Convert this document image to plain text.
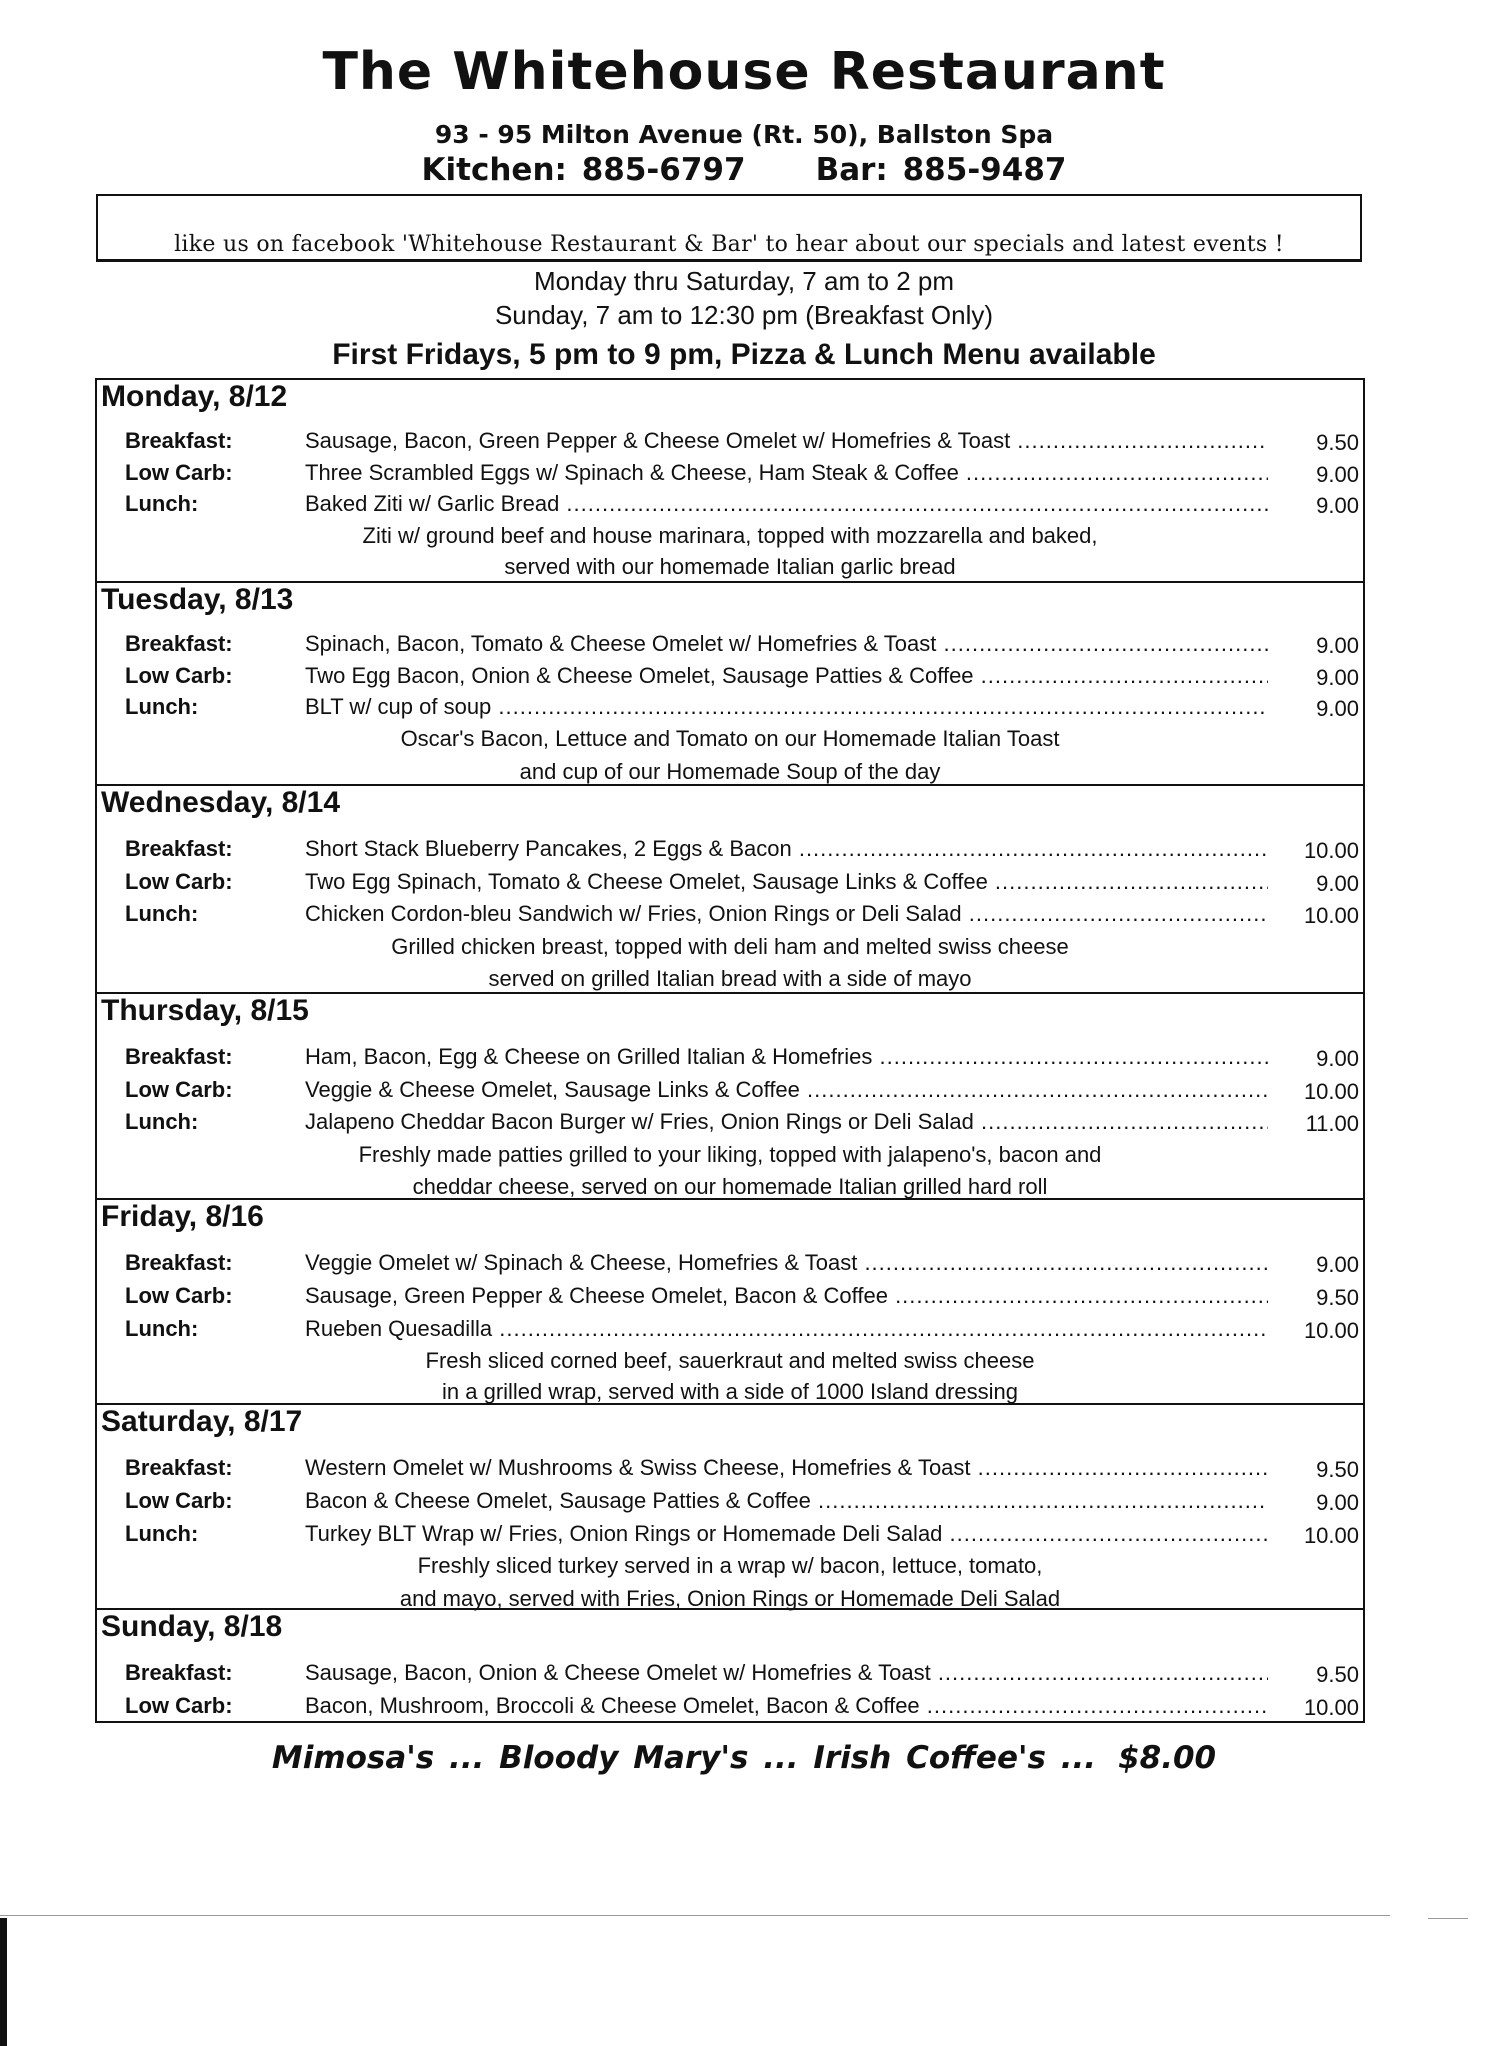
The Whitehouse Restaurant
93 - 95 Milton Avenue (Rt. 50), Ballston Spa
Kitchen: 885-6797 Bar: 885-9487
like us on facebook 'Whitehouse Restaurant & Bar' to hear about our specials and latest events !
Monday thru Saturday, 7 am to 2 pm
Sunday, 7 am to 12:30 pm (Breakfast Only)
First Fridays, 5 pm to 9 pm, Pizza & Lunch Menu available
Monday, 8/12
Breakfast:	Sausage, Bacon, Green Pepper & Cheese Omelet w/ Homefries & Toast .....	9.50
Low Carb:	Three Scrambled Eggs w/ Spinach & Cheese, Ham Steak & Coffee .....	9.00
Lunch:	Baked Ziti w/ Garlic Bread .....	9.00
Ziti w/ ground beef and house marinara, topped with mozzarella and baked,
served with our homemade Italian garlic bread
Tuesday, 8/13
Breakfast:	Spinach, Bacon, Tomato & Cheese Omelet w/ Homefries & Toast .....	9.00
Low Carb:	Two Egg Bacon, Onion & Cheese Omelet, Sausage Patties & Coffee .....	9.00
Lunch:	BLT w/ cup of soup .....	9.00
Oscar's Bacon, Lettuce and Tomato on our Homemade Italian Toast
and cup of our Homemade Soup of the day
Wednesday, 8/14
Breakfast:	Short Stack Blueberry Pancakes, 2 Eggs & Bacon .....	10.00
Low Carb:	Two Egg Spinach, Tomato & Cheese Omelet, Sausage Links & Coffee .....	9.00
Lunch:	Chicken Cordon-bleu Sandwich w/ Fries, Onion Rings or Deli Salad .....	10.00
Grilled chicken breast, topped with deli ham and melted swiss cheese
served on grilled Italian bread with a side of mayo
Thursday, 8/15
Breakfast:	Ham, Bacon, Egg & Cheese on Grilled Italian & Homefries .....	9.00
Low Carb:	Veggie & Cheese Omelet, Sausage Links & Coffee .....	10.00
Lunch:	Jalapeno Cheddar Bacon Burger w/ Fries, Onion Rings or Deli Salad .....	11.00
Freshly made patties grilled to your liking, topped with jalapeno's, bacon and
cheddar cheese, served on our homemade Italian grilled hard roll
Friday, 8/16
Breakfast:	Veggie Omelet w/ Spinach & Cheese, Homefries & Toast .....	9.00
Low Carb:	Sausage, Green Pepper & Cheese Omelet, Bacon & Coffee .....	9.50
Lunch:	Rueben Quesadilla .....	10.00
Fresh sliced corned beef, sauerkraut and melted swiss cheese
in a grilled wrap, served with a side of 1000 Island dressing
Saturday, 8/17
Breakfast:	Western Omelet w/ Mushrooms & Swiss Cheese, Homefries & Toast .....	9.50
Low Carb:	Bacon & Cheese Omelet, Sausage Patties & Coffee .....	9.00
Lunch:	Turkey BLT Wrap w/ Fries, Onion Rings or Homemade Deli Salad .....	10.00
Freshly sliced turkey served in a wrap w/ bacon, lettuce, tomato,
and mayo, served with Fries, Onion Rings or Homemade Deli Salad
Sunday, 8/18
Breakfast:	Sausage, Bacon, Onion & Cheese Omelet w/ Homefries & Toast .....	9.50
Low Carb:	Bacon, Mushroom, Broccoli & Cheese Omelet, Bacon & Coffee .....	10.00
Mimosa's ... Bloody Mary's ... Irish Coffee's ... $8.00
